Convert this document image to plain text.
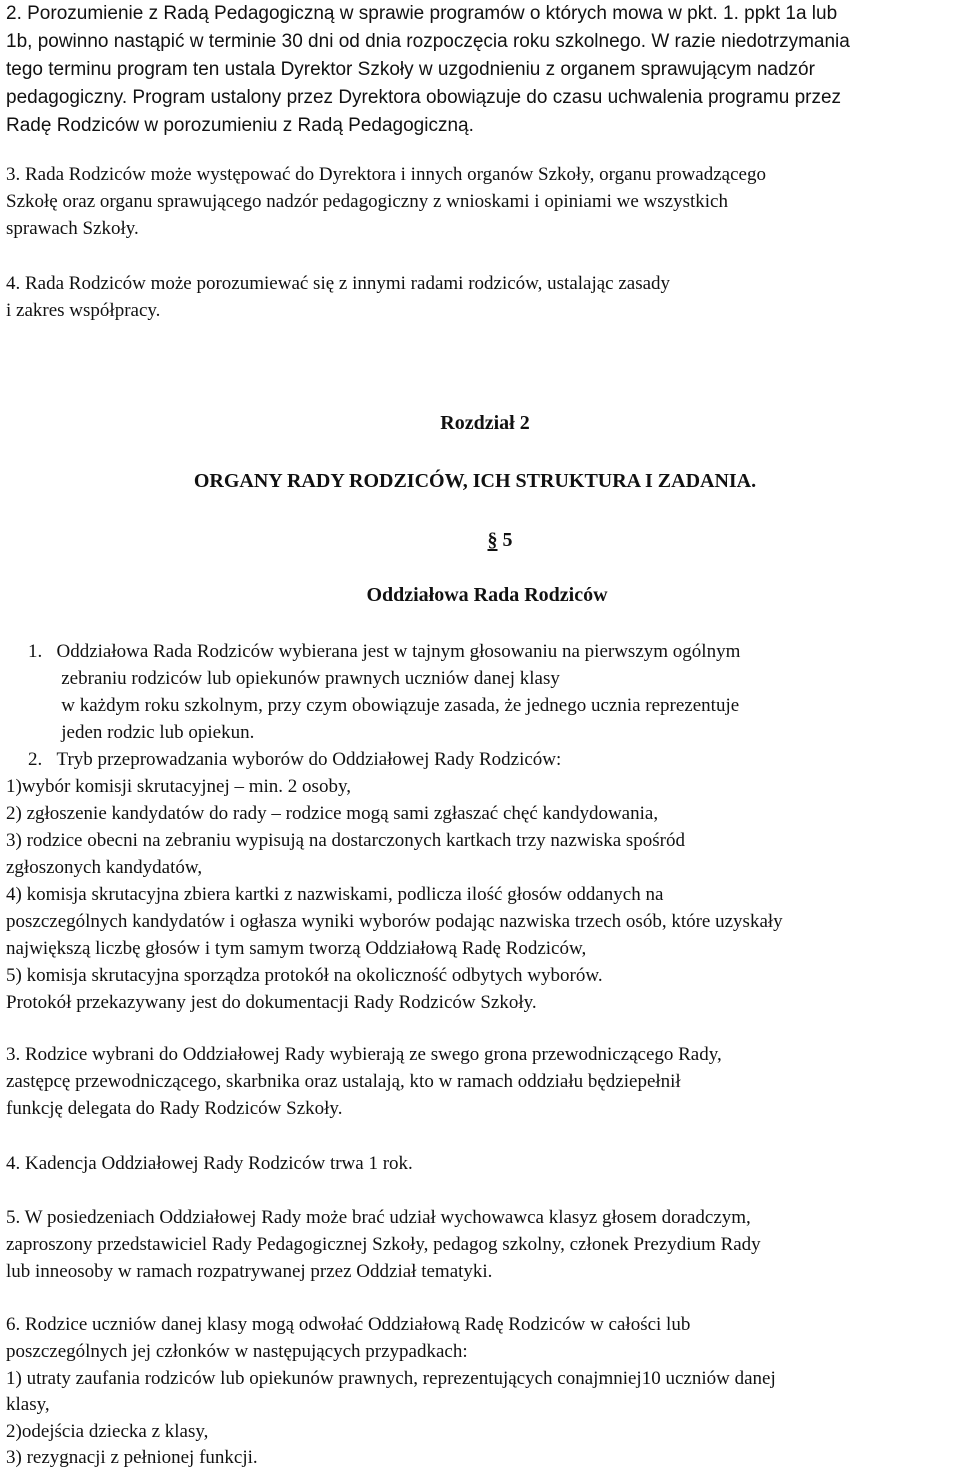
2. Porozumienie z Radą Pedagogiczną w sprawie programów o których mowa w pkt. 1. ppkt 1a lub
1b, powinno nastąpić w terminie 30 dni od dnia rozpoczęcia roku szkolnego. W razie niedotrzymania
tego terminu program ten ustala Dyrektor Szkoły w uzgodnieniu z organem sprawującym nadzór
pedagogiczny. Program ustalony przez Dyrektora obowiązuje do czasu uchwalenia programu przez
Radę Rodziców w porozumieniu z Radą Pedagogiczną.
3. Rada Rodziców może występować do Dyrektora i innych organów Szkoły, organu prowadzącego
Szkołę oraz organu sprawującego nadzór pedagogiczny z wnioskami i opiniami we wszystkich
sprawach Szkoły.
4. Rada Rodziców może porozumiewać się z innymi radami rodziców, ustalając zasady
i zakres współpracy.
Rozdział 2
ORGANY RADY RODZICÓW, ICH STRUKTURA I ZADANIA.
§ 5
Oddziałowa Rada Rodziców
1.   Oddziałowa Rada Rodziców wybierana jest w tajnym głosowaniu na pierwszym ogólnym
zebraniu rodziców lub opiekunów prawnych uczniów danej klasy
w każdym roku szkolnym, przy czym obowiązuje zasada, że jednego ucznia reprezentuje
jeden rodzic lub opiekun.
2.   Tryb przeprowadzania wyborów do Oddziałowej Rady Rodziców:
1)wybór komisji skrutacyjnej – min. 2 osoby,
2) zgłoszenie kandydatów do rady – rodzice mogą sami zgłaszać chęć kandydowania,
3) rodzice obecni na zebraniu wypisują na dostarczonych kartkach trzy nazwiska spośród
zgłoszonych kandydatów,
4) komisja skrutacyjna zbiera kartki z nazwiskami, podlicza ilość głosów oddanych na
poszczególnych kandydatów i ogłasza wyniki wyborów podając nazwiska trzech osób, które uzyskały
największą liczbę głosów i tym samym tworzą Oddziałową Radę Rodziców,
5) komisja skrutacyjna sporządza protokół na okoliczność odbytych wyborów.
Protokół przekazywany jest do dokumentacji Rady Rodziców Szkoły.
3. Rodzice wybrani do Oddziałowej Rady wybierają ze swego grona przewodniczącego Rady,
zastępcę przewodniczącego, skarbnika oraz ustalają, kto w ramach oddziału będziepełnił
funkcję delegata do Rady Rodziców Szkoły.
4. Kadencja Oddziałowej Rady Rodziców trwa 1 rok.
5. W posiedzeniach Oddziałowej Rady może brać udział wychowawca klasyz głosem doradczym,
zaproszony przedstawiciel Rady Pedagogicznej Szkoły, pedagog szkolny, członek Prezydium Rady
lub inneosoby w ramach rozpatrywanej przez Oddział tematyki.
6. Rodzice uczniów danej klasy mogą odwołać Oddziałową Radę Rodziców w całości lub
poszczególnych jej członków w następujących przypadkach:
1) utraty zaufania rodziców lub opiekunów prawnych, reprezentujących conajmniej10 uczniów danej
klasy,
2)odejścia dziecka z klasy,
3) rezygnacji z pełnionej funkcji.
